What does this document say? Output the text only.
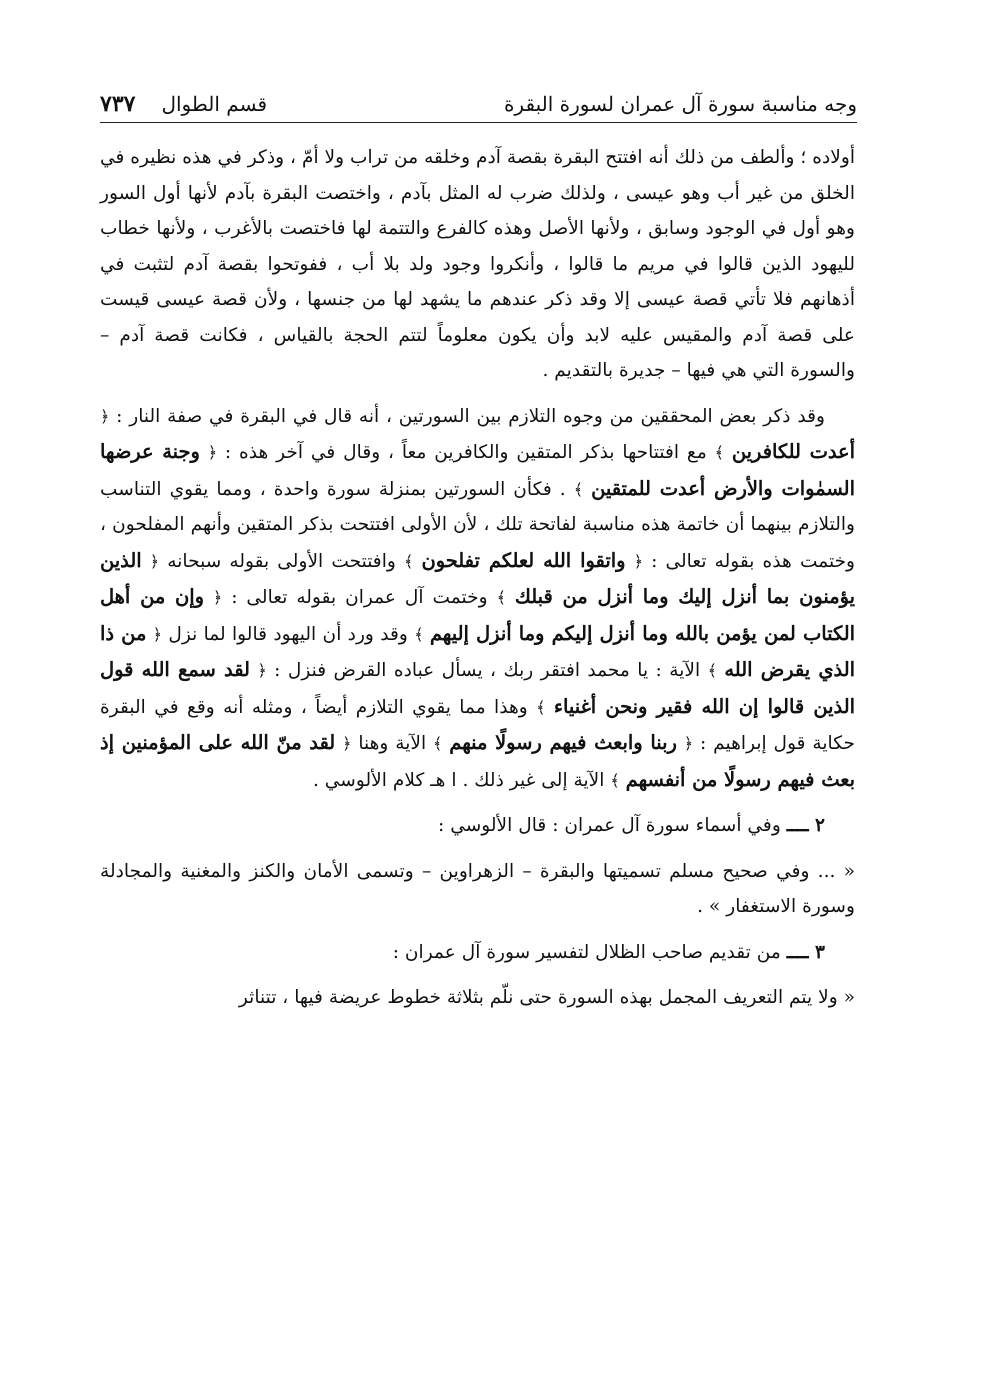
وجه مناسبة سورة آل عمران لسورة البقرة
قسم الطوال
٧٣٧

أولاده ؛ وألطف من ذلك أنه افتتح البقرة بقصة آدم وخلقه من تراب ولا أمّ ، وذكر في هذه نظيره في الخلق من غير أب وهو عيسى ، ولذلك ضرب له المثل بآدم ، واختصت البقرة بآدم لأنها أول السور وهو أول في الوجود وسابق ، ولأنها الأصل وهذه كالفرع والتتمة لها فاختصت بالأغرب ، ولأنها خطاب لليهود الذين قالوا في مريم ما قالوا ، وأنكروا وجود ولد بلا أب ، ففوتحوا بقصة آدم لتثبت في أذهانهم فلا تأتي قصة عيسى إلا وقد ذكر عندهم ما يشهد لها من جنسها ، ولأن قصة عيسى قيست على قصة آدم والمقيس عليه لابد وأن يكون معلوماً لتتم الحجة بالقياس ، فكانت قصة آدم – والسورة التي هي فيها – جديرة بالتقديم .

وقد ذكر بعض المحققين من وجوه التلازم بين السورتين ، أنه قال في البقرة في صفة النار : ﴿ أعدت للكافرين ﴾ مع افتتاحها بذكر المتقين والكافرين معاً ، وقال في آخر هذه : ﴿ وجنة عرضها السمٰوات والأرض أعدت للمتقين ﴾ . فكأن السورتين بمنزلة سورة واحدة ، ومما يقوي التناسب والتلازم بينهما أن خاتمة هذه مناسبة لفاتحة تلك ، لأن الأولى افتتحت بذكر المتقين وأنهم المفلحون ، وختمت هذه بقوله تعالى : ﴿ واتقوا الله لعلكم تفلحون ﴾ وافتتحت الأولى بقوله سبحانه ﴿ الذين يؤمنون بما أنزل إليك وما أنزل من قبلك ﴾ وختمت آل عمران بقوله تعالى : ﴿ وإن من أهل الكتاب لمن يؤمن بالله وما أنزل إليكم وما أنزل إليهم ﴾ وقد ورد أن اليهود قالوا لما نزل ﴿ من ذا الذي يقرض الله ﴾ الآية : يا محمد افتقر ربك ، يسأل عباده القرض فنزل : ﴿ لقد سمع الله قول الذين قالوا إن الله فقير ونحن أغنياء ﴾ وهذا مما يقوي التلازم أيضاً ، ومثله أنه وقع في البقرة حكاية قول إبراهيم : ﴿ ربنا وابعث فيهم رسولًا منهم ﴾ الآية وهنا ﴿ لقد منّ الله على المؤمنين إذ بعث فيهم رسولًا من أنفسهم ﴾ الآية إلى غير ذلك . ا هـ كلام الألوسي .

٢ ــــ وفي أسماء سورة آل عمران : قال الألوسي :

« ... وفي صحيح مسلم تسميتها والبقرة – الزهراوين – وتسمى الأمان والكنز والمغنية والمجادلة وسورة الاستغفار » .

٣ ــــ من تقديم صاحب الظلال لتفسير سورة آل عمران :

« ولا يتم التعريف المجمل بهذه السورة حتى نلّم بثلاثة خطوط عريضة فيها ، تتناثر
